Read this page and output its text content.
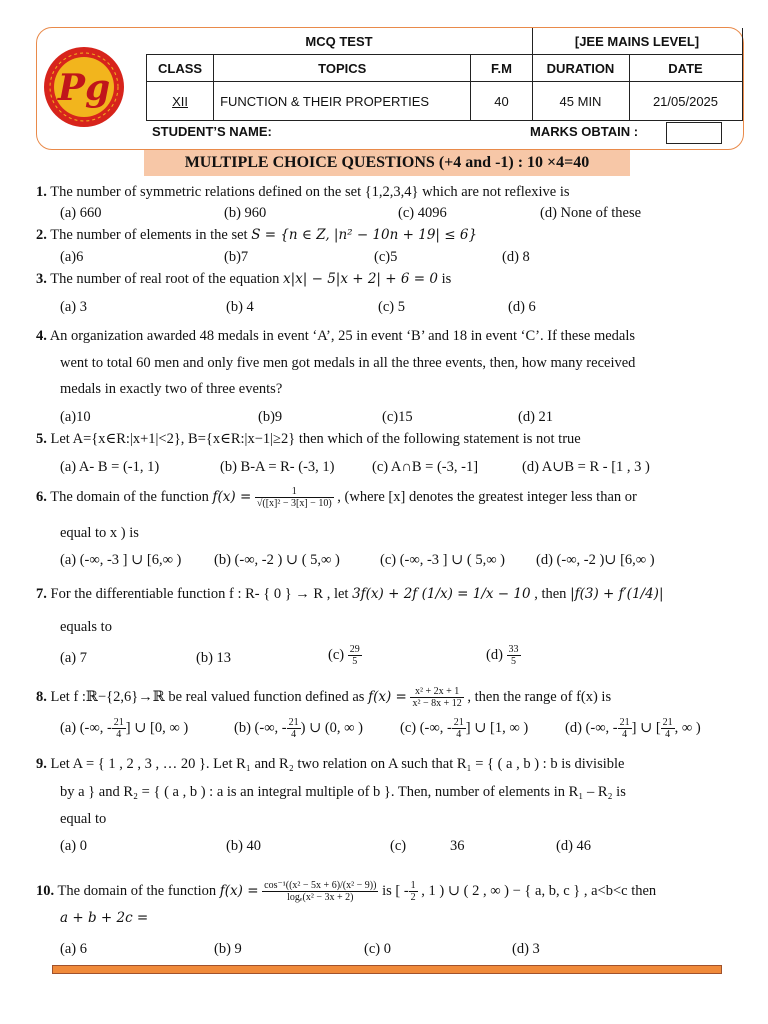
Pg
MCQ TEST			[JEE MAINS LEVEL]	
CLASS	TOPICS	F.M	DURATION	DATE
XII	FUNCTION & THEIR PROPERTIES	40	45 MIN	21/05/2025
STUDENT’S NAME:	MARKS OBTAIN :
MULTIPLE CHOICE QUESTIONS (+4 and -1) : 10 ×4=40
1. The number of symmetric relations defined on the set {1,2,3,4} which are not reflexive is
(a) 660	(b) 960	(c) 4096	(d) None of these
2. The number of elements in the set S = {n ∈ Z, |n² − 10n + 19| ≤ 6}
(a)6	(b)7	(c)5	(d) 8
3. The number of real root of the equation x|x| − 5|x + 2| + 6 = 0 is
(a) 3	(b) 4	(c) 5	(d) 6
4. An organization awarded 48 medals in event ‘A’, 25 in event ‘B’ and 18 in event ‘C’. If these medals
went to total 60 men and only five men got medals in all the three events, then, how many received
medals in exactly two of three events?
(a)10	(b)9	(c)15	(d) 21
5. Let A={x∈R:|x+1|<2}, B={x∈R:|x−1|≥2} then which of the following statement is not true
(a) A- B = (-1, 1)	(b) B-A = R- (-3, 1)	(c) A∩B = (-3, -1]	(d) A∪B = R - [1 , 3 )
6. The domain of the function $f(x) = \frac{1}{\text{√([x]² − 3[x] − 10)}}$ , (where [x] denotes the greatest integer less than or
equal to x ) is
(a) (-∞, -3 ] ∪ [6,∞ ) (b) (-∞, -2 ) ∪ ( 5,∞ )	(c) (-∞, -3 ] ∪ ( 5,∞ ) (d) (-∞, -2 )∪ [6,∞ )
7. For the differentiable function f : R- { 0 } → R , let 3f(x) + 2f (1/x) = 1/x − 10 , then |f(3) + f′(1/4)|
equals to
(a) 7	(b) 13	$(c) \frac{29}{5}$	$(d) \frac{33}{5}$
8. Let f :ℝ−{2,6}→ℝ be real valued function defined as $f(x) = \frac{\text{x² + 2x + 1}}{\text{x² − 8x + 12}}$ , then the range of f(x) is
(a) (-∞, - $\frac{21}{4}$ ] ∪ [0, ∞ )	(b) (-∞, - $\frac{21}{4}$ ) ∪ (0, ∞ )	(c) (-∞, - $\frac{21}{4}$ ] ∪ [1, ∞ )	(d) (-∞, - $\frac{21}{4}$ ] ∪ [ $\frac{21}{4}$ , ∞ )
9. Let A = { 1 , 2 , 3 , … 20 }. Let R₁ and R₂ two relation on A such that R₁ = { ( a , b ) : b is divisible
by a } and R₂ = { ( a , b ) : a is an integral multiple of b }. Then, number of elements in R₁ – R₂ is
equal to
(a) 0	(b) 40	(c)	36	(d) 46
10. The domain of the function $f(x) = \frac{\text{cos⁻¹((x² − 5x + 6)/(x² − 9))}}{\text{logₑ(x² − 3x + 2)}}$ is [ - $\frac{1}{2}$ , 1 ) ∪ ( 2 , ∞ ) − { a, b, c } , a<b<c then
a + b + 2c =
(a) 6	(b) 9	(c) 0	(d) 3
